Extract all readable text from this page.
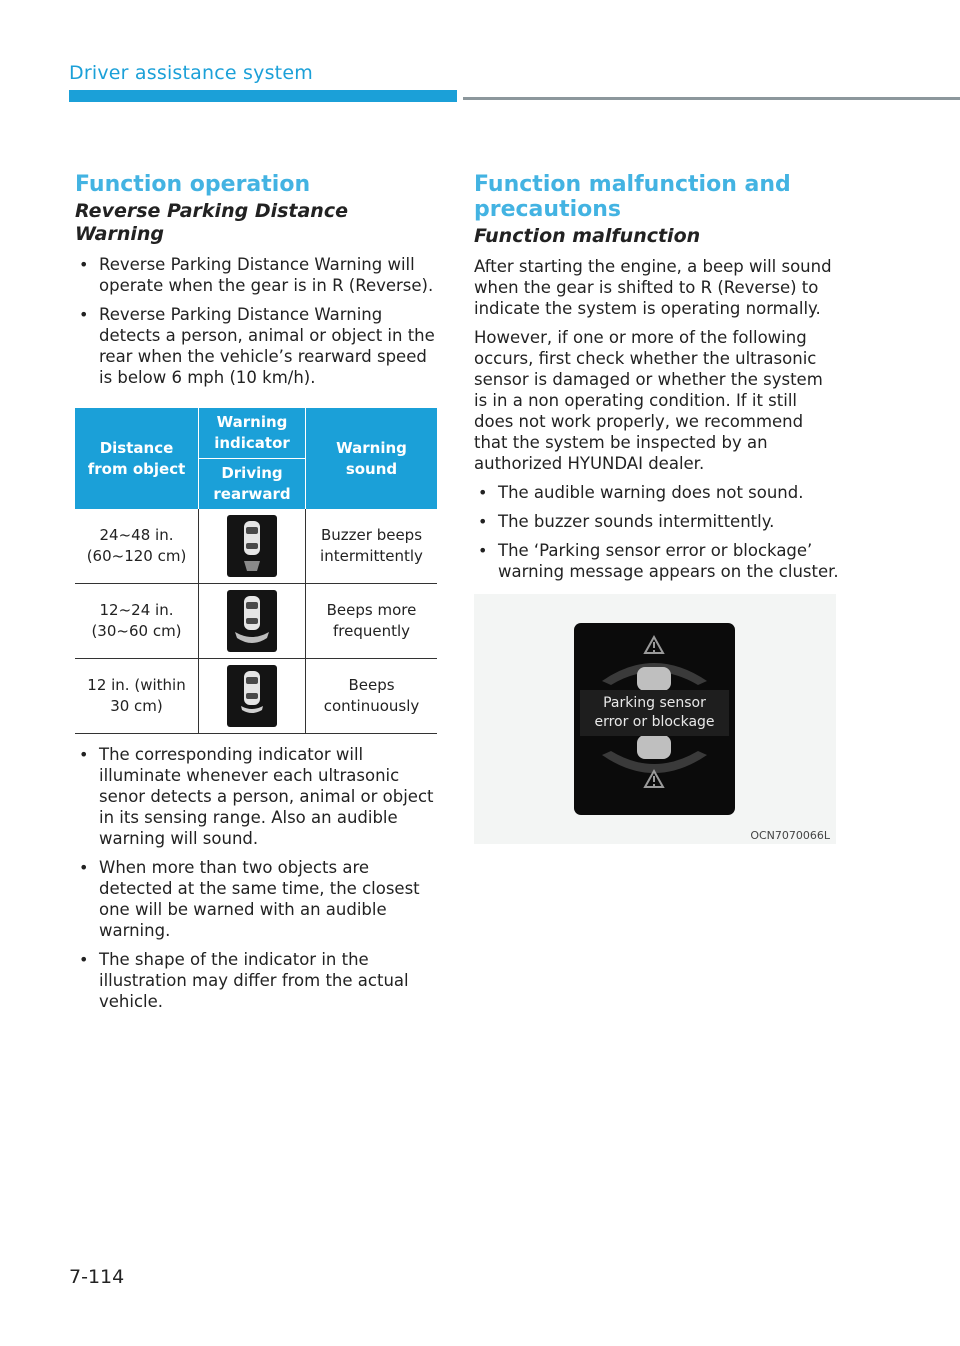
Driver assistance system
Function operation
Reverse Parking Distance Warning
• Reverse Parking Distance Warning will operate when the gear is in R (Reverse).
• Reverse Parking Distance Warning detects a person, animal or object in the rear when the vehicle’s rearward speed is below 6 mph (10 km/h).
Distance from object	Warning indicator	Warning sound
	Driving rearward	
24~48 in. (60~120 cm)		Buzzer beeps intermittently
12~24 in. (30~60 cm)		Beeps more frequently
12 in. (within 30 cm)		Beeps continuously
• The corresponding indicator will illuminate whenever each ultrasonic senor detects a person, animal or object in its sensing range. Also an audible warning will sound.
• When more than two objects are detected at the same time, the closest one will be warned with an audible warning.
• The shape of the indicator in the illustration may differ from the actual vehicle.
Function malfunction and precautions
Function malfunction

After starting the engine, a beep will sound when the gear is shifted to R (Reverse) to indicate the system is operating normally.

However, if one or more of the following occurs, first check whether the ultrasonic sensor is damaged or whether the system is in a non operating condition. If it still does not work properly, we recommend that the system be inspected by an authorized HYUNDAI dealer.

• The audible warning does not sound.
• The buzzer sounds intermittently.
• The ‘Parking sensor error or blockage’ warning message appears on the cluster.
Parking sensor
error or blockage
OCN7070066L
7-114
